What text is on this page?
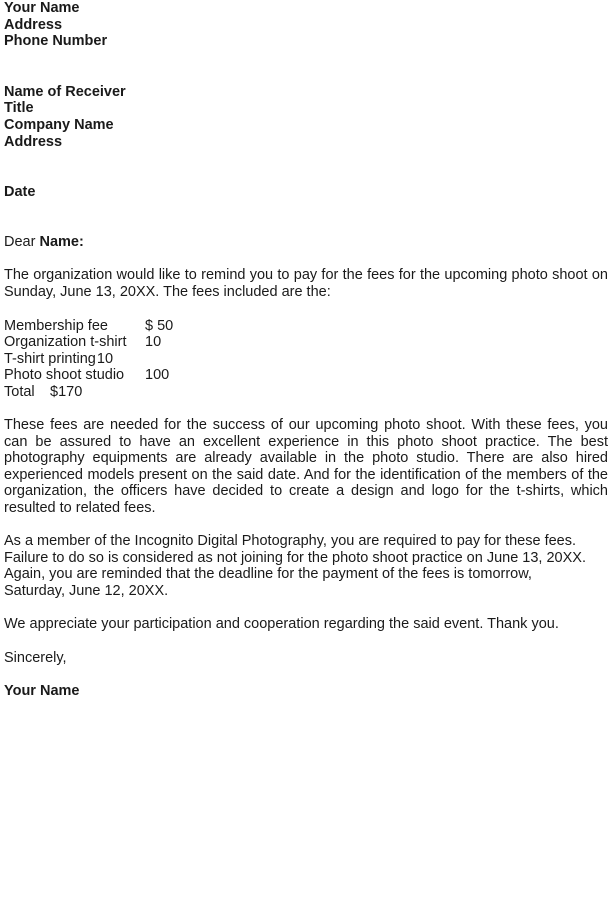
Your Name
Address
Phone Number
Name of Receiver
Title
Company Name
Address
Date
Dear Name:

The organization would like to remind you to pay for the fees for the upcoming photo shoot on Sunday, June 13, 20XX. The fees included are the:

Membership fee	$ 50
Organization t-shirt 10
T-shirt printing10
Photo shoot studio 100
Total $170

These fees are needed for the success of our upcoming photo shoot. With these fees, you can be assured to have an excellent experience in this photo shoot practice. The best photography equipments are already available in the photo studio. There are also hired experienced models present on the said date. And for the identification of the members of the organization, the officers have decided to create a design and logo for the t-shirts, which resulted to related fees.

As a member of the Incognito Digital Photography, you are required to pay for these fees. Failure to do so is considered as not joining for the photo shoot practice on June 13, 20XX. Again, you are reminded that the deadline for the payment of the fees is tomorrow, Saturday, June 12, 20XX.

We appreciate your participation and cooperation regarding the said event. Thank you.

Sincerely,
Your Name
